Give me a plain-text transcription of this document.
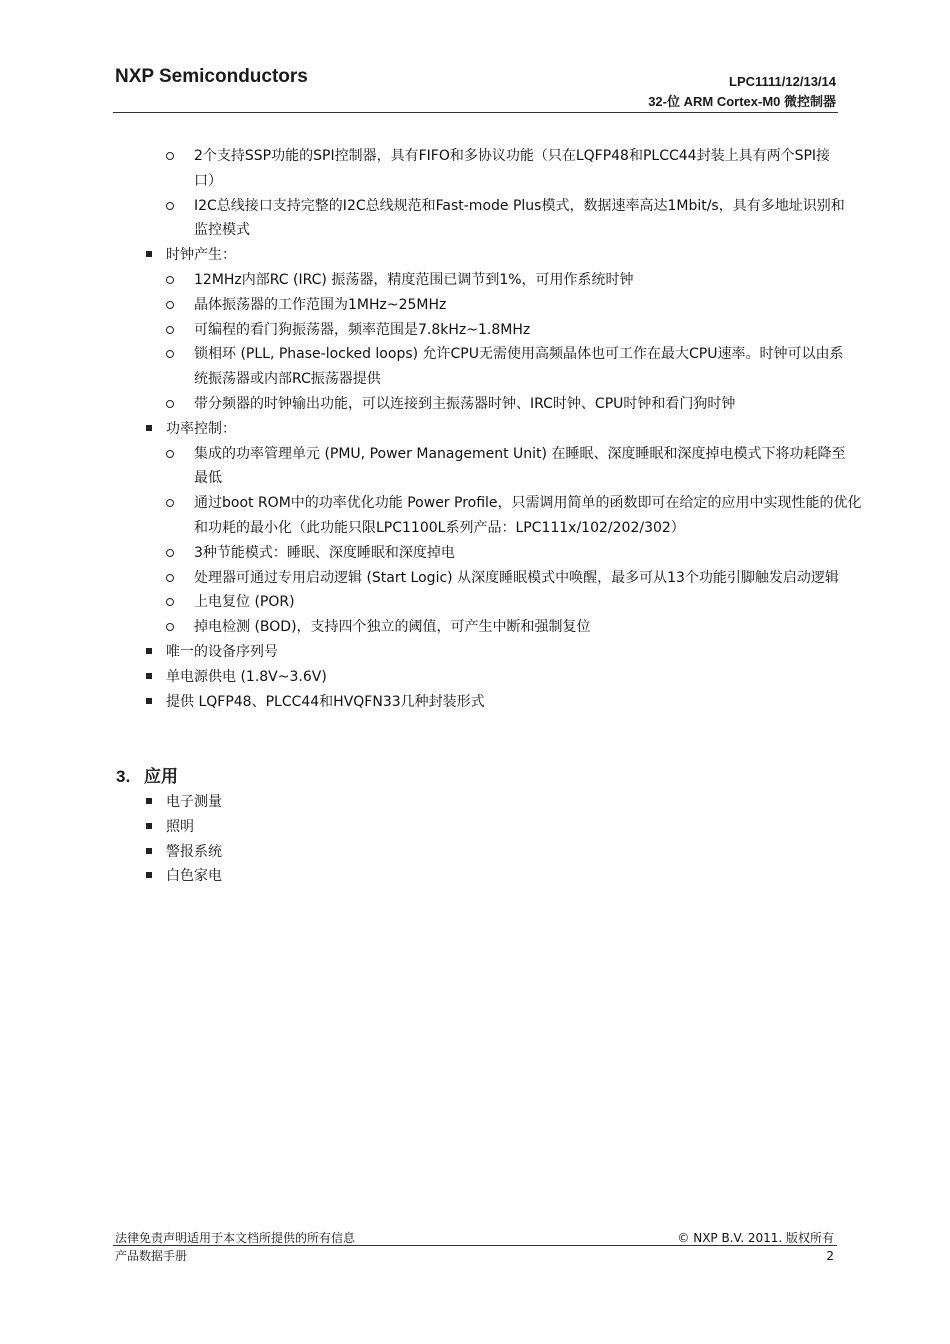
NXP Semiconductors	LPC1111/12/13/14
32-位 ARM Cortex-M0 微控制器
2个支持SSP功能的SPI控制器，具有FIFO和多协议功能（只在LQFP48和PLCC44封装上具有两个SPI接口）
I2C总线接口支持完整的I2C总线规范和Fast-mode Plus模式，数据速率高达1Mbit/s，具有多地址识别和监控模式
时钟产生：
12MHz内部RC (IRC) 振荡器，精度范围已调节到1%，可用作系统时钟
晶体振荡器的工作范围为1MHz~25MHz
可编程的看门狗振荡器，频率范围是7.8kHz~1.8MHz
锁相环 (PLL, Phase-locked loops) 允许CPU无需使用高频晶体也可工作在最大CPU速率。时钟可以由系统振荡器或内部RC振荡器提供
带分频器的时钟输出功能，可以连接到主振荡器时钟、IRC时钟、CPU时钟和看门狗时钟
功率控制：
集成的功率管理单元 (PMU, Power Management Unit) 在睡眠、深度睡眠和深度掉电模式下将功耗降至最低
通过boot ROM中的功率优化功能 Power Profile，只需调用简单的函数即可在给定的应用中实现性能的优化和功耗的最小化（此功能只限LPC1100L系列产品：LPC111x/102/202/302）
3种节能模式：睡眠、深度睡眠和深度掉电
处理器可通过专用启动逻辑 (Start Logic) 从深度睡眠模式中唤醒，最多可从13个功能引脚触发启动逻辑
上电复位 (POR)
掉电检测 (BOD)，支持四个独立的阈值，可产生中断和强制复位
唯一的设备序列号
单电源供电 (1.8V~3.6V)
提供 LQFP48、PLCC44和HVQFN33几种封装形式
3. 应用
电子测量
照明
警报系统
白色家电
法律免责声明适用于本文档所提供的所有信息
产品数据手册
© NXP B.V. 2011. 版权所有
2
